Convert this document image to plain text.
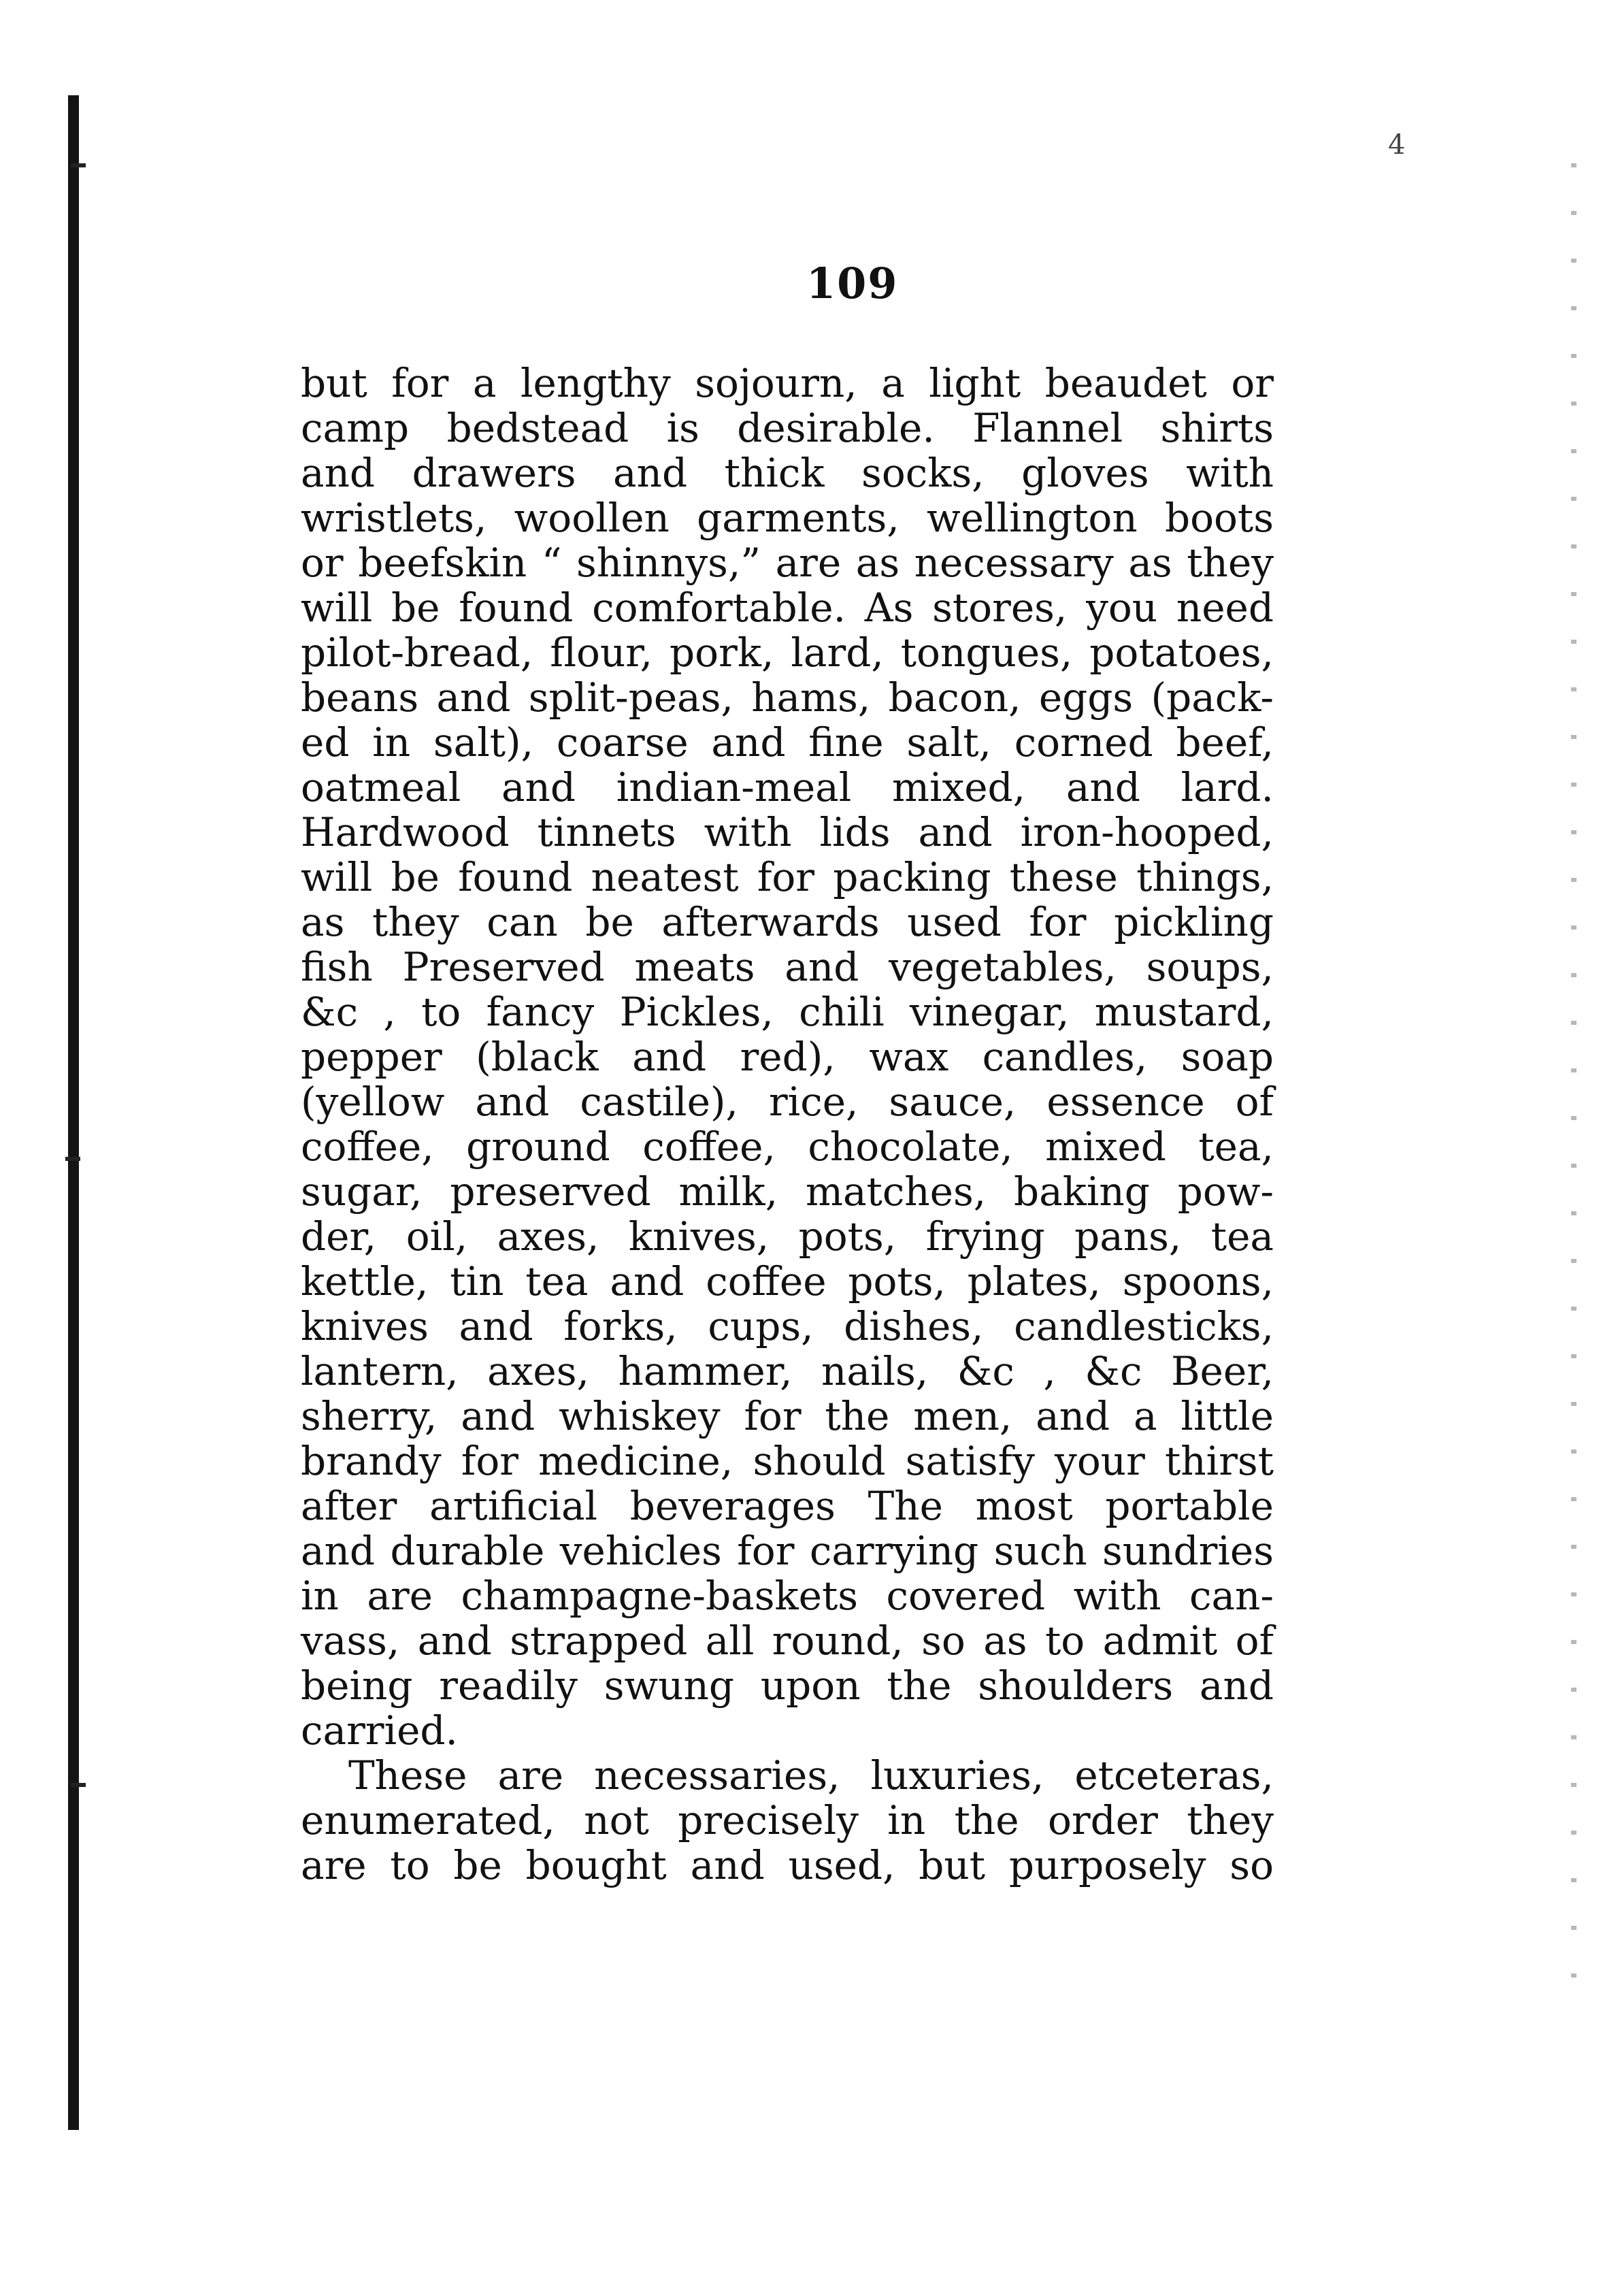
4
109
but for a lengthy sojourn, a light beaudet or
camp bedstead is desirable. Flannel shirts
and drawers and thick socks, gloves with
wristlets, woollen garments, wellington boots
or beefskin “ shinnys,” are as necessary as they
will be found comfortable. As stores, you need
pilot-bread, flour, pork, lard, tongues, potatoes,
beans and split-peas, hams, bacon, eggs (pack-
ed in salt), coarse and fine salt, corned beef,
oatmeal and indian-meal mixed, and lard.
Hardwood tinnets with lids and iron-hooped,
will be found neatest for packing these things,
as they can be afterwards used for pickling
fish Preserved meats and vegetables, soups,
&c , to fancy Pickles, chili vinegar, mustard,
pepper (black and red), wax candles, soap
(yellow and castile), rice, sauce, essence of
coffee, ground coffee, chocolate, mixed tea,
sugar, preserved milk, matches, baking pow-
der, oil, axes, knives, pots, frying pans, tea
kettle, tin tea and coffee pots, plates, spoons,
knives and forks, cups, dishes, candlesticks,
lantern, axes, hammer, nails, &c , &c Beer,
sherry, and whiskey for the men, and a little
brandy for medicine, should satisfy your thirst
after artificial beverages The most portable
and durable vehicles for carrying such sundries
in are champagne-baskets covered with can-
vass, and strapped all round, so as to admit of
being readily swung upon the shoulders and
carried.
These are necessaries, luxuries, etceteras,
enumerated, not precisely in the order they
are to be bought and used, but purposely so
